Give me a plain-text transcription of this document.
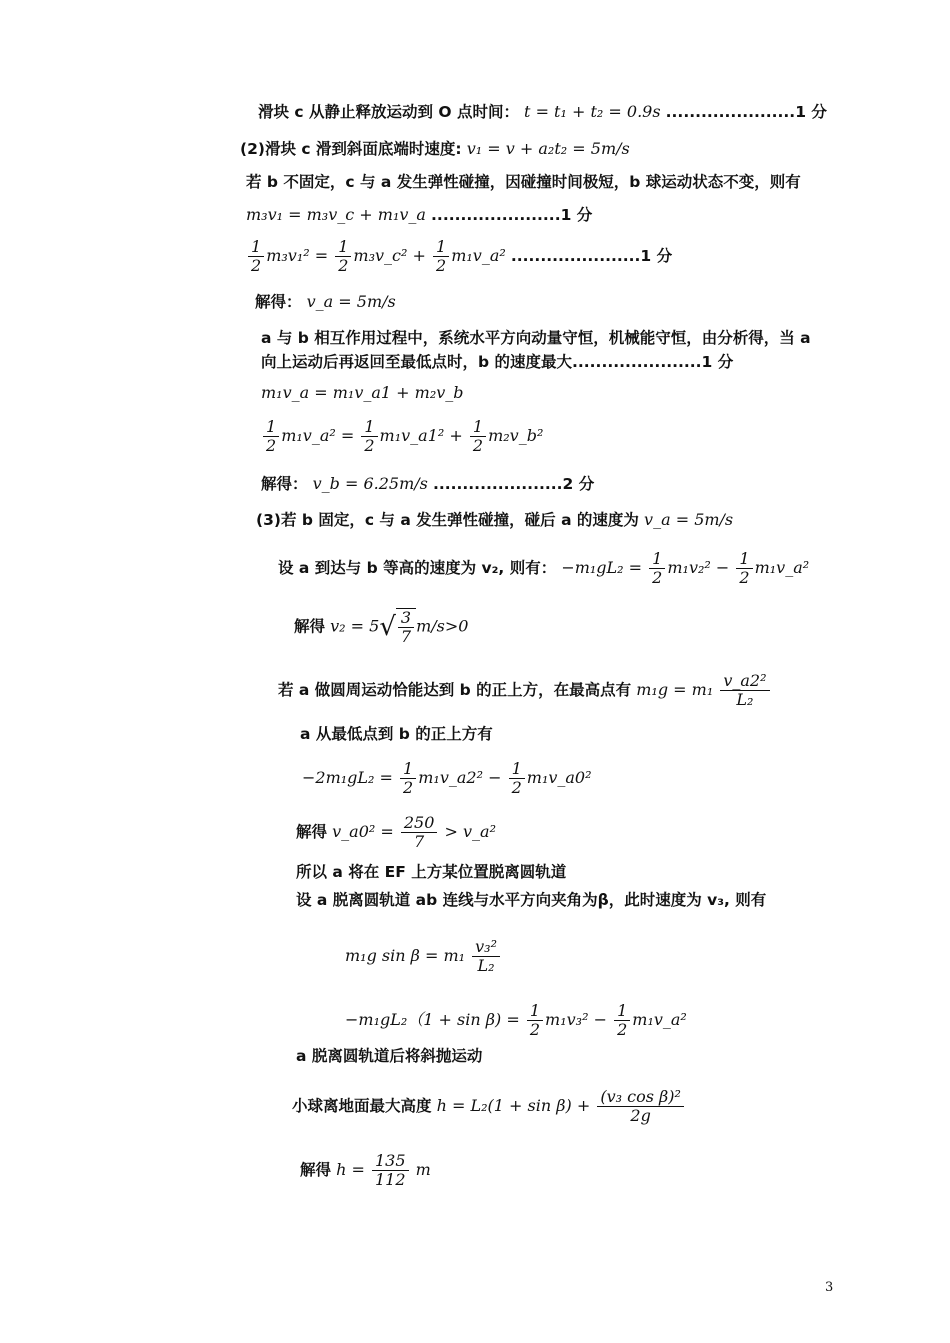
滑块 c 从静止释放运动到 O 点时间： t = t₁ + t₂ = 0.9s ......................1 分
(2)滑块 c 滑到斜面底端时速度: v₁ = v + a₂t₂ = 5m/s
若 b 不固定，c 与 a 发生弹性碰撞，因碰撞时间极短，b 球运动状态不变，则有
m₃v₁ = m₃v_c + m₁v_a ......................1 分
$\frac{1}{2} m_3v_1^2 = \frac{1}{2}$ m₃v_c² + $\frac{1}{2}$ m₁v_a² ......................1 分
解得： v_a = 5m/s
a 与 b 相互作用过程中，系统水平方向动量守恒，机械能守恒，由分析得，当 a
向上运动后再返回至最低点时，b 的速度最大......................1 分
m₁v_a = m₁v_a1 + m₂v_b
$\frac{1}{2}$ m₁v_a² = $\frac{1}{2}$ m₁v_a1² + $\frac{1}{2}$ m₂v_b²
解得： v_b = 6.25m/s ......................2 分
(3)若 b 固定，c 与 a 发生弹性碰撞，碰后 a 的速度为 v_a = 5m/s
设 a 到达与 b 等高的速度为 v₂, 则有： $-m_1gL_2 = \frac{1}{2} m_1v_2^2 - \frac{1}{2}$ m₁v_a²
解得 $v_2 = 5√ \frac{3}{7} m/s>0$
若 a 做圆周运动恰能达到 b 的正上方，在最高点有 $m_1g = m_1 \frac{\text{v\_a2²}}{\text{L₂}}$
a 从最低点到 b 的正上方有
$-2m_1gL_2 = \frac{1}{2}$ m₁v_a2² − $\frac{1}{2}$ m₁v_a0²
解得 v_a0² = $\frac{250}{7}$ > v_a²
所以 a 将在 EF 上方某位置脱离圆轨道
设 a 脱离圆轨道 ab 连线与水平方向夹角为β，此时速度为 v₃, 则有
m₁g $\sin \beta = m_1 \frac{\text{v₃²}}{\text{L₂}}$
$-m_1gL_2(1 + \sin \beta) = \frac{1}{2} m_1v_3^2 - \frac{1}{2}$ m₁v_a²
a 脱离圆轨道后将斜抛运动
小球离地面最大高度 $h = L_2(1 + \sin \beta) + \frac{\text{(v₃ cos β)²}}{2g}$
解得 $h = \frac{135}{112}$ m
3
